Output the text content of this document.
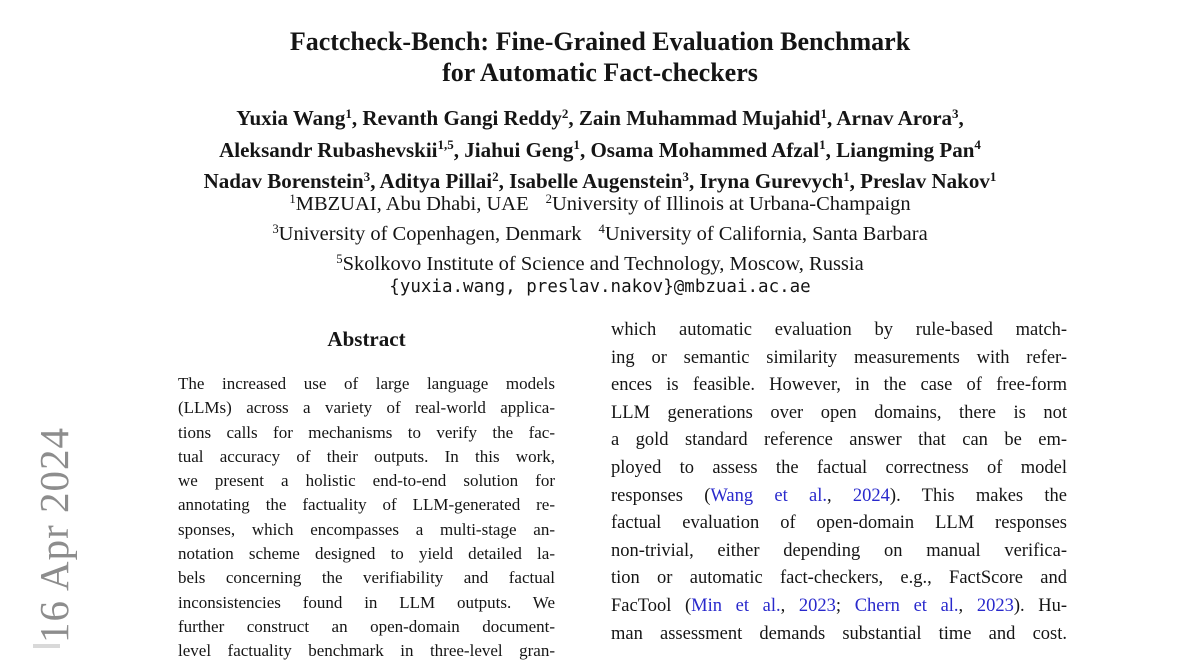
16 Apr 2024
Factcheck-Bench: Fine-Grained Evaluation Benchmark
for Automatic Fact-checkers
Yuxia Wang$^1$, Revanth Gangi Reddy$^2$, Zain Muhammad Mujahid$^1$, Arnav Arora$^3$,
Aleksandr Rubashevskii$^{1,5}$, Jiahui Geng$^1$, Osama Mohammed Afzal$^1$, Liangming Pan$^4$
Nadav Borenstein$^3$, Aditya Pillai$^2$, Isabelle Augenstein$^3$, Iryna Gurevych$^1$, Preslav Nakov$^1$
$^1$MBZUAI, Abu Dhabi, UAE $^2$University of Illinois at Urbana-Champaign
$^3$University of Copenhagen, Denmark $^4$University of California, Santa Barbara
$^5$Skolkovo Institute of Science and Technology, Moscow, Russia
{yuxia.wang, preslav.nakov}@mbzuai.ac.ae
Abstract
The increased use of large language models
(LLMs) across a variety of real-world applica-
tions calls for mechanisms to verify the fac-
tual accuracy of their outputs. In this work,
we present a holistic end-to-end solution for
annotating the factuality of LLM-generated re-
sponses, which encompasses a multi-stage an-
notation scheme designed to yield detailed la-
bels concerning the verifiability and factual
inconsistencies found in LLM outputs. We
further construct an open-domain document-
level factuality benchmark in three-level gran-
which automatic evaluation by rule-based match-
ing or semantic similarity measurements with refer-
ences is feasible. However, in the case of free-form
LLM generations over open domains, there is not
a gold standard reference answer that can be em-
ployed to assess the factual correctness of model
responses (Wang et al., 2024). This makes the
factual evaluation of open-domain LLM responses
non-trivial, either depending on manual verifica-
tion or automatic fact-checkers, e.g., FactScore and
FacTool (Min et al., 2023; Chern et al., 2023). Hu-
man assessment demands substantial time and cost.
